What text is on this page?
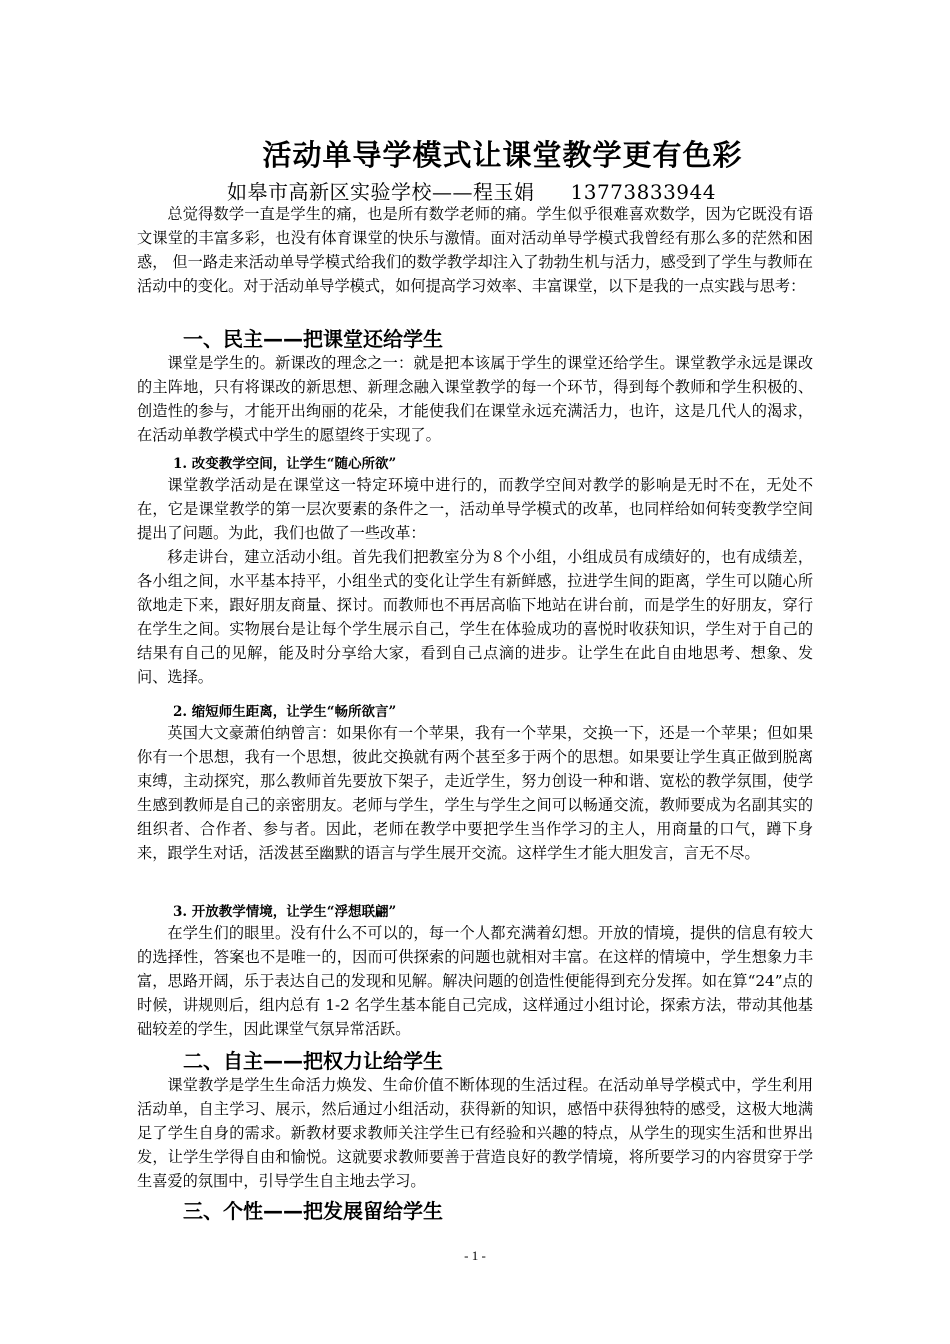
活动单导学模式让课堂教学更有色彩
如皋市高新区实验学校——程玉娟 13773833944

总觉得数学一直是学生的痛，也是所有数学老师的痛。学生似乎很难喜欢数学，因为它既没有语文课堂的丰富多彩，也没有体育课堂的快乐与激情。面对活动单导学模式我曾经有那么多的茫然和困惑， 但一路走来活动单导学模式给我们的数学教学却注入了勃勃生机与活力，感受到了学生与教师在活动中的变化。对于活动单导学模式，如何提高学习效率、丰富课堂，以下是我的一点实践与思考：

一、民主——把课堂还给学生

课堂是学生的。新课改的理念之一：就是把本该属于学生的课堂还给学生。课堂教学永远是课改的主阵地，只有将课改的新思想、新理念融入课堂教学的每一个环节，得到每个教师和学生积极的、创造性的参与，才能开出绚丽的花朵，才能使我们在课堂永远充满活力，也许，这是几代人的渴求，在活动单教学模式中学生的愿望终于实现了。

1. 改变教学空间，让学生“随心所欲”

课堂教学活动是在课堂这一特定环境中进行的，而教学空间对教学的影响是无时不在，无处不在，它是课堂教学的第一层次要素的条件之一，活动单导学模式的改革，也同样给如何转变教学空间提出了问题。为此，我们也做了一些改革：

移走讲台，建立活动小组。首先我们把教室分为８个小组，小组成员有成绩好的，也有成绩差，各小组之间，水平基本持平，小组坐式的变化让学生有新鲜感，拉进学生间的距离，学生可以随心所欲地走下来，跟好朋友商量、探讨。而教师也不再居高临下地站在讲台前，而是学生的好朋友，穿行在学生之间。实物展台是让每个学生展示自己，学生在体验成功的喜悦时收获知识，学生对于自己的结果有自己的见解，能及时分享给大家，看到自己点滴的进步。让学生在此自由地思考、想象、发问、选择。

2. 缩短师生距离，让学生“畅所欲言”

英国大文豪萧伯纳曾言：如果你有一个苹果，我有一个苹果，交换一下，还是一个苹果；但如果你有一个思想，我有一个思想，彼此交换就有两个甚至多于两个的思想。如果要让学生真正做到脱离束缚，主动探究，那么教师首先要放下架子，走近学生，努力创设一种和谐、宽松的教学氛围，使学生感到教师是自己的亲密朋友。老师与学生，学生与学生之间可以畅通交流，教师要成为名副其实的组织者、合作者、参与者。因此，老师在教学中要把学生当作学习的主人，用商量的口气，蹲下身来，跟学生对话，活泼甚至幽默的语言与学生展开交流。这样学生才能大胆发言，言无不尽。

3. 开放教学情境，让学生“浮想联翩”

在学生们的眼里。没有什么不可以的，每一个人都充满着幻想。开放的情境，提供的信息有较大的选择性，答案也不是唯一的，因而可供探索的问题也就相对丰富。在这样的情境中，学生想象力丰富，思路开阔，乐于表达自己的发现和见解。解决问题的创造性便能得到充分发挥。如在算“24”点的时候，讲规则后，组内总有 1-2 名学生基本能自己完成，这样通过小组讨论，探索方法，带动其他基础较差的学生，因此课堂气氛异常活跃。

二、自主——把权力让给学生

课堂教学是学生生命活力焕发、生命价值不断体现的生活过程。在活动单导学模式中，学生利用活动单，自主学习、展示，然后通过小组活动，获得新的知识，感悟中获得独特的感受，这极大地满足了学生自身的需求。新教材要求教师关注学生已有经验和兴趣的特点，从学生的现实生活和世界出发，让学生学得自由和愉悦。这就要求教师要善于营造良好的教学情境，将所要学习的内容贯穿于学生喜爱的氛围中，引导学生自主地去学习。

三、个性——把发展留给学生
- 1 -
